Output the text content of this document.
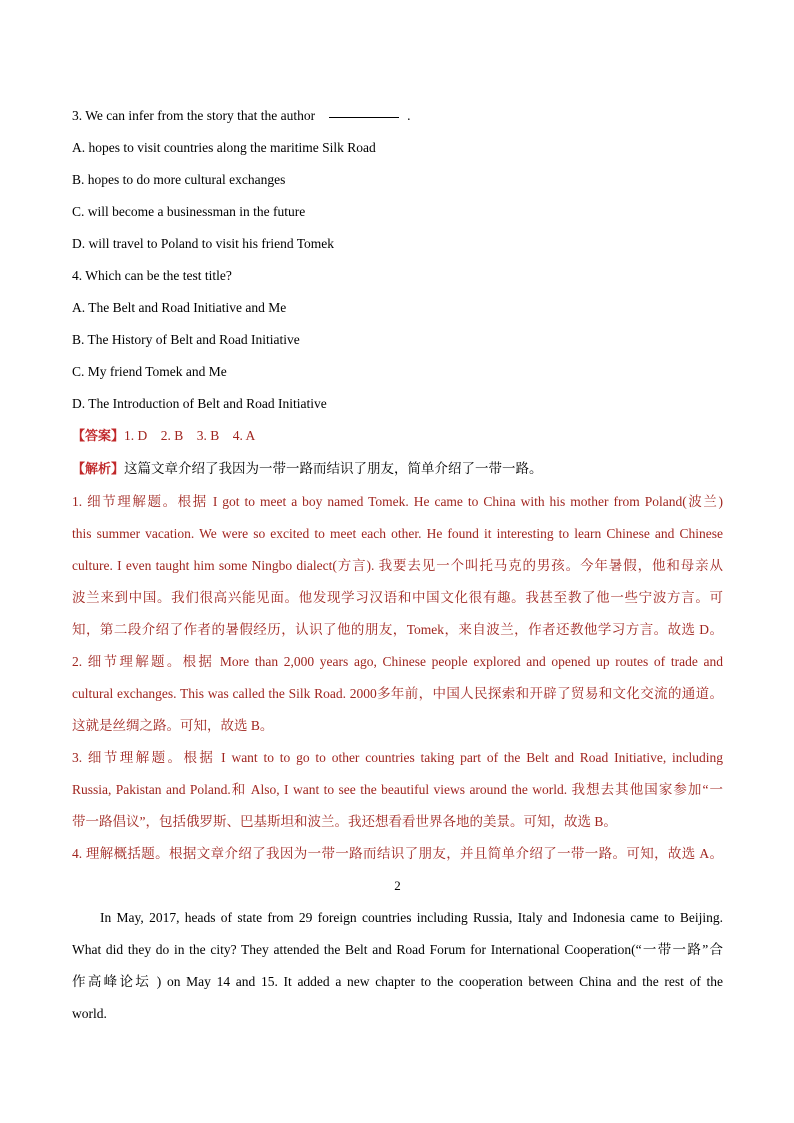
3. We can infer from the story that the author	.
A. hopes to visit countries along the maritime Silk Road
B. hopes to do more cultural exchanges
C. will become a businessman in the future
D. will travel to Poland to visit his friend Tomek
4. Which can be the test title?
A. The Belt and Road Initiative and Me
B. The History of Belt and Road Initiative
C. My friend Tomek and Me
D. The Introduction of Belt and Road Initiative
【答案】1. D    2. B    3. B    4. A
【解析】这篇文章介绍了我因为一带一路而结识了朋友，简单介绍了一带一路。
1. 细节理解题。根据 I got to meet a boy named Tomek. He came to China with his mother from Poland(波兰)
this summer vacation. We were so excited to meet each other. He found it interesting to learn Chinese and Chinese
culture. I even taught him some Ningbo dialect(方言). 我要去见一个叫托马克的男孩。今年暑假，他和母亲从
波兰来到中国。我们很高兴能见面。他发现学习汉语和中国文化很有趣。我甚至教了他一些宁波方言。可
知，第二段介绍了作者的暑假经历，认识了他的朋友，Tomek，来自波兰，作者还教他学习方言。故选 D。
2. 细节理解题。根据 More than 2,000 years ago, Chinese people explored and opened up routes of trade and
cultural exchanges. This was called the Silk Road. 2000多年前，中国人民探索和开辟了贸易和文化交流的通道。
这就是丝绸之路。可知，故选 B。
3. 细节理解题。根据 I want to to go to other countries taking part of the Belt and Road Initiative, including
Russia, Pakistan and Poland.和 Also, I want to see the beautiful views around the world. 我想去其他国家参加“一
带一路倡议”，包括俄罗斯、巴基斯坦和波兰。我还想看看世界各地的美景。可知，故选 B。
4. 理解概括题。根据文章介绍了我因为一带一路而结识了朋友，并且简单介绍了一带一路。可知，故选 A。
2
In May, 2017, heads of state from 29 foreign countries including Russia, Italy and Indonesia came to Beijing.
What did they do in the city? They attended the Belt and Road Forum for International Cooperation(“一带一路”合
作高峰论坛 ) on May 14 and 15. It added a new chapter to the cooperation between China and the rest of the
world.
